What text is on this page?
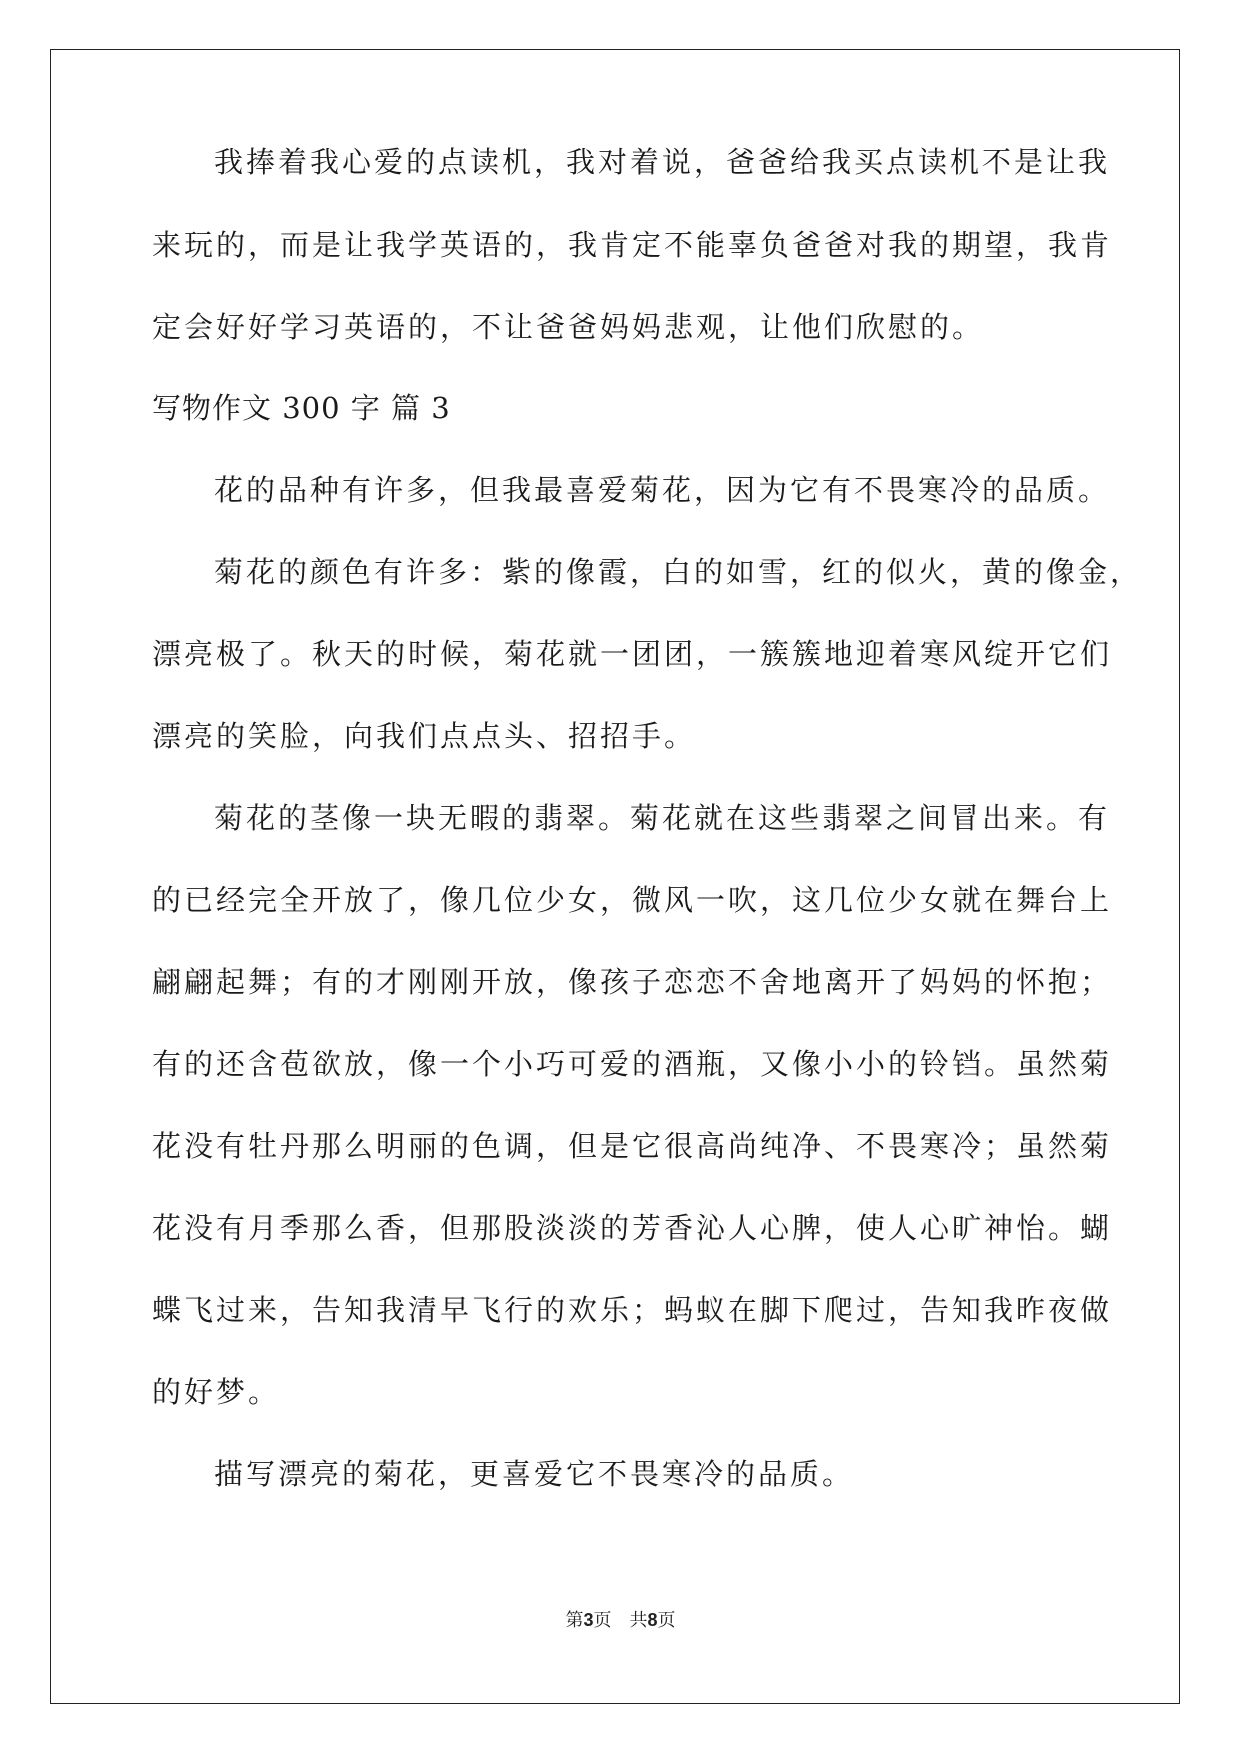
我捧着我心爱的点读机，我对着说，爸爸给我买点读机不是让我

来玩的，而是让我学英语的，我肯定不能辜负爸爸对我的期望，我肯

定会好好学习英语的，不让爸爸妈妈悲观，让他们欣慰的。

写物作文 300 字 篇 3

花的品种有许多，但我最喜爱菊花，因为它有不畏寒冷的品质。

菊花的颜色有许多：紫的像霞，白的如雪，红的似火，黄的像金，

漂亮极了。秋天的时候，菊花就一团团，一簇簇地迎着寒风绽开它们

漂亮的笑脸，向我们点点头、招招手。

菊花的茎像一块无暇的翡翠。菊花就在这些翡翠之间冒出来。有

的已经完全开放了，像几位少女，微风一吹，这几位少女就在舞台上

翩翩起舞；有的才刚刚开放，像孩子恋恋不舍地离开了妈妈的怀抱；

有的还含苞欲放，像一个小巧可爱的酒瓶，又像小小的铃铛。虽然菊

花没有牡丹那么明丽的色调，但是它很高尚纯净、不畏寒冷；虽然菊

花没有月季那么香，但那股淡淡的芳香沁人心脾，使人心旷神怡。蝴

蝶飞过来，告知我清早飞行的欢乐；蚂蚁在脚下爬过，告知我昨夜做

的好梦。

描写漂亮的菊花，更喜爱它不畏寒冷的品质。

第3页　共8页
